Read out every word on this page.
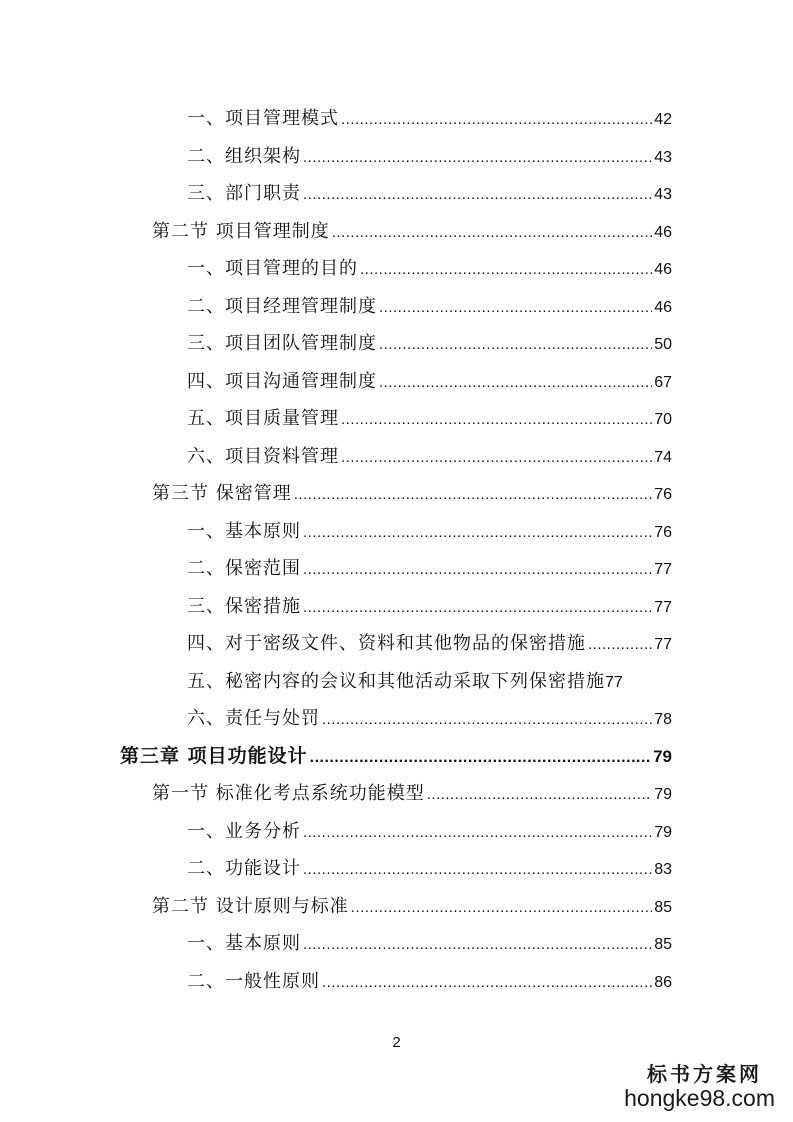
一、项目管理模式 .....	42
二、组织架构 .....	43
三、部门职责 .....	43
第二节 项目管理制度 .....	46
一、项目管理的目的 .....	46
二、项目经理管理制度 .....	46
三、项目团队管理制度 .....	50
四、项目沟通管理制度 .....	67
五、项目质量管理 .....	70
六、项目资料管理 .....	74
第三节 保密管理 .....	76
一、基本原则 .....	76
二、保密范围 .....	77
三、保密措施 .....	77
四、对于密级文件、资料和其他物品的保密措施 .....	77
五、秘密内容的会议和其他活动采取下列保密措施 77
六、责任与处罚 .....	78
第三章 项目功能设计 .....	79
第一节 标准化考点系统功能模型 .....	79
一、业务分析 .....	79
二、功能设计 .....	83
第二节 设计原则与标准 .....	85
一、基本原则 .....	85
二、一般性原则 .....	86
2
标书方案网
hongke98.com
